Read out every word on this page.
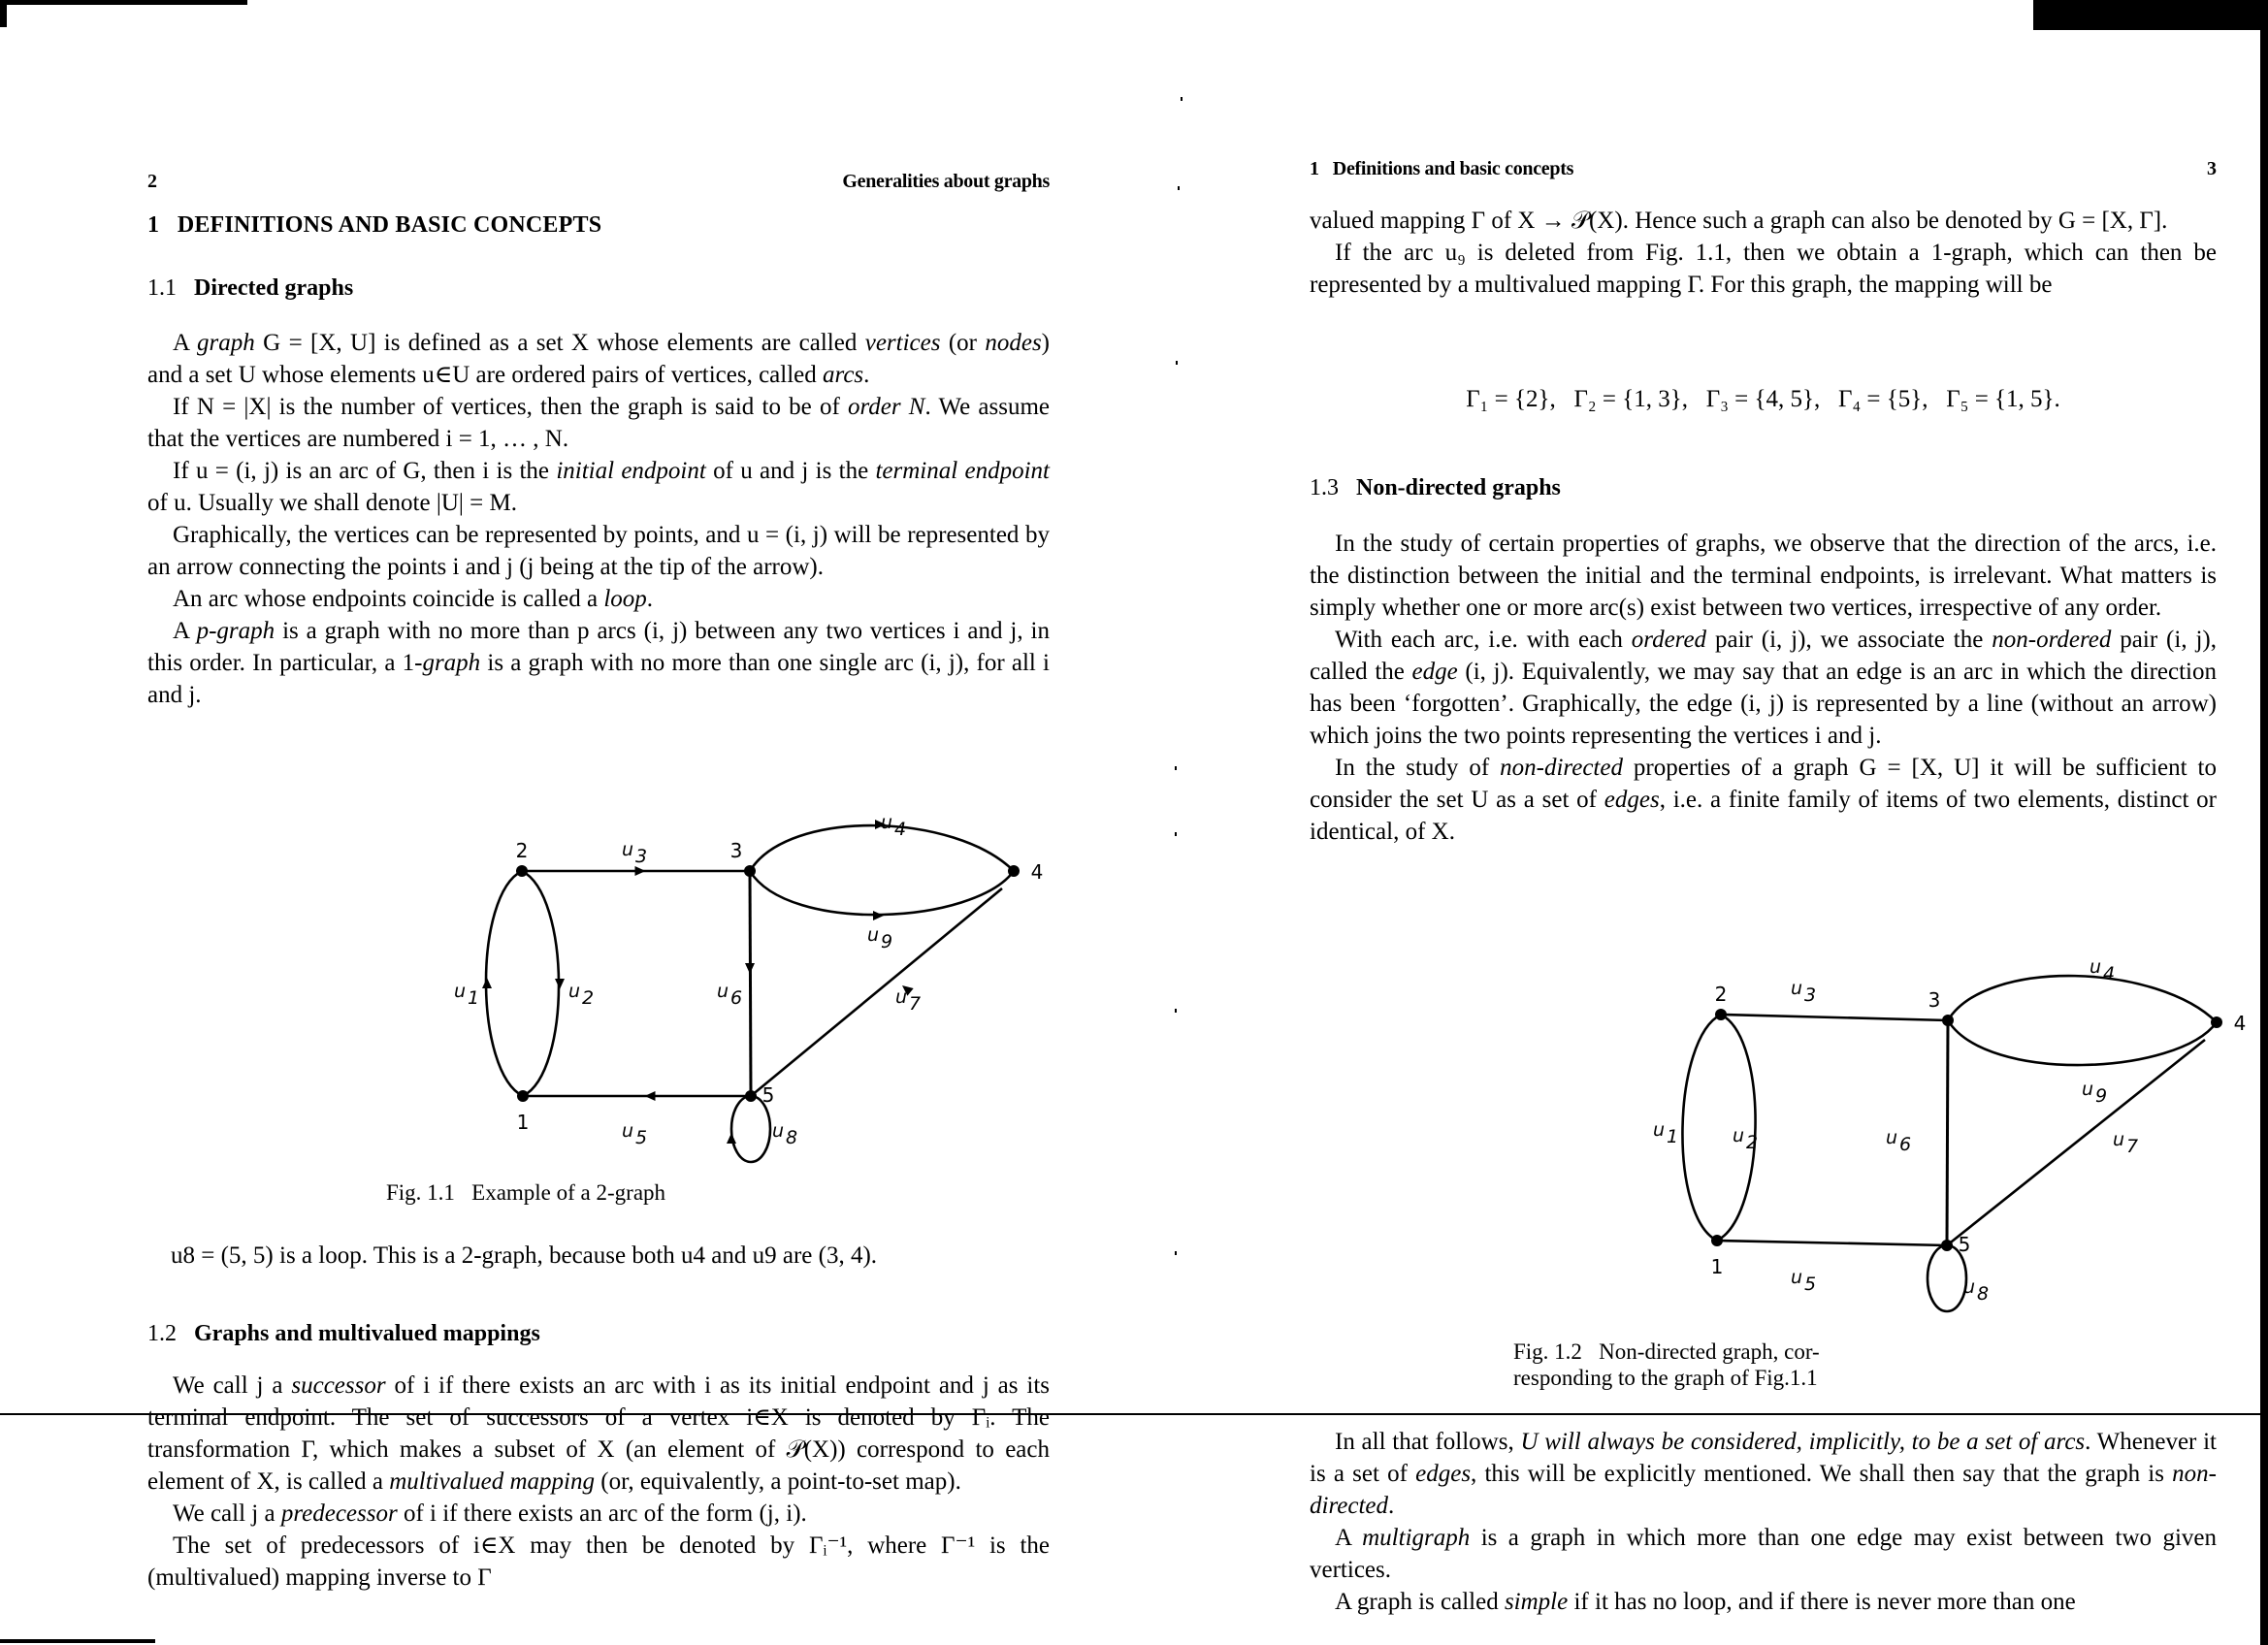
2	Generalities about graphs
1 DEFINITIONS AND BASIC CONCEPTS
1.1 Directed graphs

A graph G = [X, U] is defined as a set X whose elements are called vertices (or nodes) and a set U whose elements u∈U are ordered pairs of vertices, called arcs.

If N = |X| is the number of vertices, then the graph is said to be of order N. We assume that the vertices are numbered i = 1, … , N.

If u = (i, j) is an arc of G, then i is the initial endpoint of u and j is the terminal endpoint of u. Usually we shall denote |U| = M.

Graphically, the vertices can be represented by points, and u = (i, j) will be represented by an arrow connecting the points i and j (j being at the tip of the arrow).

An arc whose endpoints coincide is called a loop.

A p-graph is a graph with no more than p arcs (i, j) between any two vertices i and j, in this order. In particular, a 1-graph is a graph with no more than one single arc (i, j), for all i and j.

1
2	3
4
5
u 1	u 2
u 3
u 4
u 5
u 6	u 7
u 8
u 9
Fig. 1.1 Example of a 2-graph

u8 = (5, 5) is a loop. This is a 2-graph, because both u4 and u9 are (3, 4).

1.2 Graphs and multivalued mappings

We call j a successor of i if there exists an arc with i as its initial endpoint and j as its terminal endpoint. The set of successors of a vertex i∈X is denoted by Γᵢ. The transformation Γ, which makes a subset of X (an element of 𝒫(X)) correspond to each element of X, is called a multivalued mapping (or, equivalently, a point-to-set map).

We call j a predecessor of i if there exists an arc of the form (j, i).

The set of predecessors of i∈X may then be denoted by Γᵢ⁻¹, where Γ⁻¹ is the (multivalued) mapping inverse to Γ

1   Definitions and basic concepts	3

valued mapping Γ of X → 𝒫(X). Hence such a graph can also be denoted by G = [X, Γ].

If the arc u₉ is deleted from Fig. 1.1, then we obtain a 1-graph, which can then be represented by a multivalued mapping Γ. For this graph, the mapping will be

Γ₁ = {2},   Γ₂ = {1, 3},   Γ₃ = {4, 5},   Γ₄ = {5},   Γ₅ = {1, 5}.

1.3 Non-directed graphs

In the study of certain properties of graphs, we observe that the direction of the arcs, i.e. the distinction between the initial and the terminal endpoints, is irrelevant. What matters is simply whether one or more arc(s) exist between two vertices, irrespective of any order.

With each arc, i.e. with each ordered pair (i, j), we associate the non-ordered pair (i, j), called the edge (i, j). Equivalently, we may say that an edge is an arc in which the direction has been ‘forgotten’. Graphically, the edge (i, j) is represented by a line (without an arrow) which joins the two points representing the vertices i and j.

In the study of non-directed properties of a graph G = [X, U] it will be sufficient to consider the set U as a set of edges, i.e. a finite family of items of two elements, distinct or identical, of X.

1
2	3
4
5
u 1	u 2
u 3
u 4
u 5
u 6	u 7
u 8
u 9
Fig. 1.2   Non-directed graph, cor-
responding to the graph of Fig.1.1

In all that follows, U will always be considered, implicitly, to be a set of arcs. Whenever it is a set of edges, this will be explicitly mentioned. We shall then say that the graph is non-directed.

A multigraph is a graph in which more than one edge may exist between two given vertices.

A graph is called simple if it has no loop, and if there is never more than one
